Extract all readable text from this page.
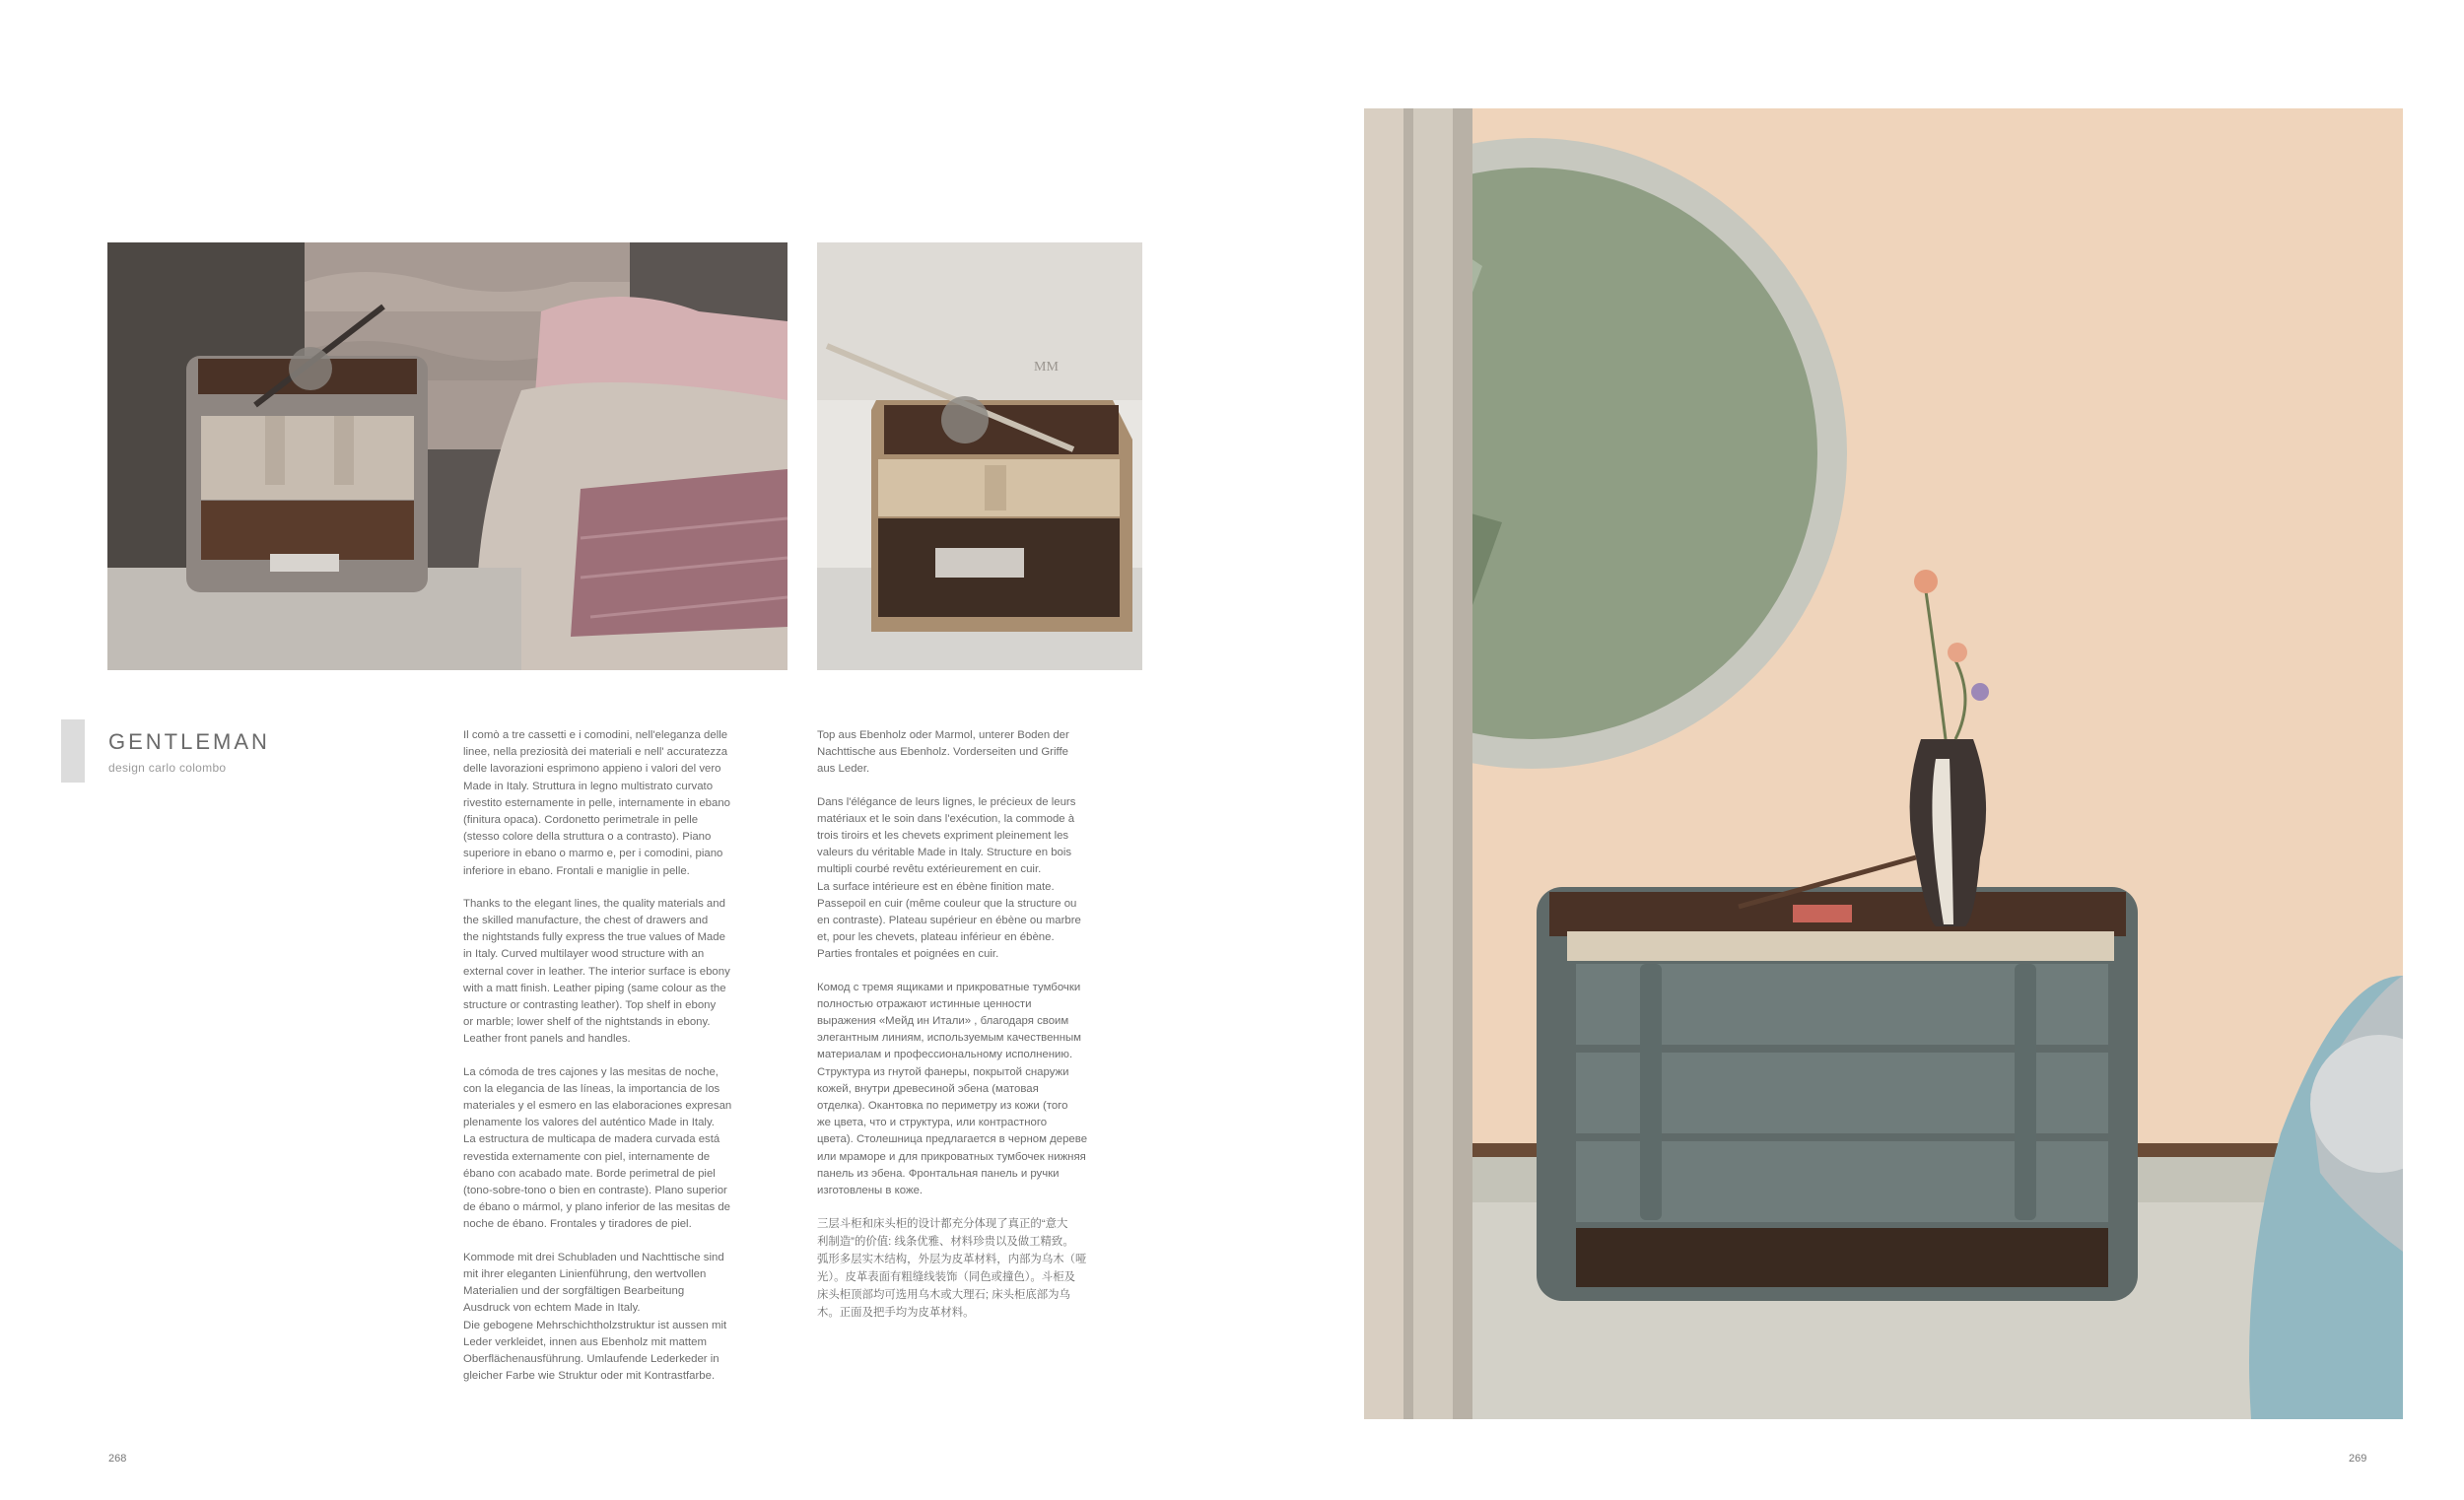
MM
GENTLEMAN
design carlo colombo

Il comò a tre cassetti e i comodini, nell'eleganza delle
linee, nella preziosità dei materiali e nell' accuratezza
delle lavorazioni esprimono appieno i valori del vero
Made in Italy. Struttura in legno multistrato curvato
rivestito esternamente in pelle, internamente in ebano
(finitura opaca). Cordonetto perimetrale in pelle
(stesso colore della struttura o a contrasto). Piano
superiore in ebano o marmo e, per i comodini, piano
inferiore in ebano. Frontali e maniglie in pelle.

Thanks to the elegant lines, the quality materials and
the skilled manufacture, the chest of drawers and
the nightstands fully express the true values of Made
in Italy. Curved multilayer wood structure with an
external cover in leather. The interior surface is ebony
with a matt finish. Leather piping (same colour as the
structure or contrasting leather). Top shelf in ebony
or marble; lower shelf of the nightstands in ebony.
Leather front panels and handles.

La cómoda de tres cajones y las mesitas de noche,
con la elegancia de las líneas, la importancia de los
materiales y el esmero en las elaboraciones expresan
plenamente los valores del auténtico Made in Italy.
La estructura de multicapa de madera curvada está
revestida externamente con piel, internamente de
ébano con acabado mate. Borde perimetral de piel
(tono-sobre-tono o bien en contraste). Plano superior
de ébano o mármol, y plano inferior de las mesitas de
noche de ébano. Frontales y tiradores de piel.

Kommode mit drei Schubladen und Nachttische sind
mit ihrer eleganten Linienführung, den wertvollen
Materialien und der sorgfältigen Bearbeitung
Ausdruck von echtem Made in Italy.
Die gebogene Mehrschichtholzstruktur ist aussen mit
Leder verkleidet, innen aus Ebenholz mit mattem
Oberflächenausführung. Umlaufende Lederkeder in
gleicher Farbe wie Struktur oder mit Kontrastfarbe.

Top aus Ebenholz oder Marmol, unterer Boden der
Nachttische aus Ebenholz. Vorderseiten und Griffe
aus Leder.

Dans l'élégance de leurs lignes, le précieux de leurs
matériaux et le soin dans l'exécution, la commode à
trois tiroirs et les chevets expriment pleinement les
valeurs du véritable Made in Italy. Structure en bois
multipli courbé revêtu extérieurement en cuir.
La surface intérieure est en ébène finition mate.
Passepoil en cuir (même couleur que la structure ou
en contraste). Plateau supérieur en ébène ou marbre
et, pour les chevets, plateau inférieur en ébène.
Parties frontales et poignées en cuir.

Комод с тремя ящиками и прикроватные тумбочки
полностью отражают истинные ценности
выражения «Мейд ин Итали» , благодаря своим
элегантным линиям, используемым качественным
материалам и профессиональному исполнению.
Структура из гнутой фанеры, покрытой снаружи
кожей, внутри древесиной эбена (матовая
отделка). Окантовка по периметру из кожи (того
же цвета, что и структура, или контрастного
цвета). Столешница предлагается в черном дереве
или мраморе и для прикроватных тумбочек нижняя
панель из эбена. Фронтальная панель и ручки
изготовлены в коже.

三层斗柜和床头柜的设计都充分体现了真正的“意大
利制造”的价值: 线条优雅、材料珍贵以及做工精致。
弧形多层实木结构，外层为皮革材料，内部为乌木（哑
光）。皮革表面有粗缝线装饰（同色或撞色）。斗柜及
床头柜顶部均可选用乌木或大理石; 床头柜底部为乌
木。正面及把手均为皮革材料。

268	269
